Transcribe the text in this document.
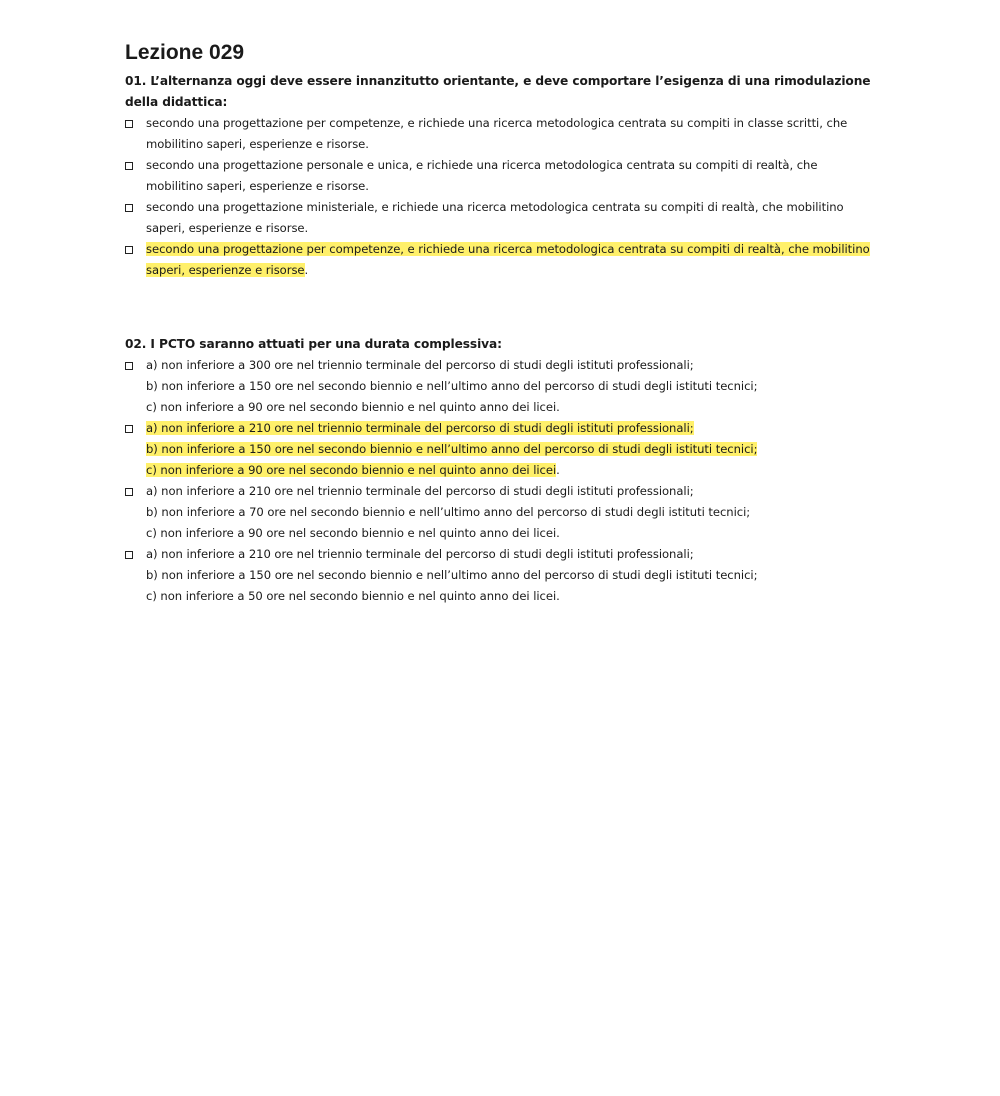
Lezione 029

01. L’alternanza oggi deve essere innanzitutto orientante, e deve comportare l’esigenza di una rimodulazione della didattica:

secondo una progettazione per competenze, e richiede una ricerca metodologica centrata su compiti in classe scritti, che mobilitino saperi, esperienze e risorse.
secondo una progettazione personale e unica, e richiede una ricerca metodologica centrata su compiti di realtà, che mobilitino saperi, esperienze e risorse.
secondo una progettazione ministeriale, e richiede una ricerca metodologica centrata su compiti di realtà, che mobilitino saperi, esperienze e risorse.
secondo una progettazione per competenze, e richiede una ricerca metodologica centrata su compiti di realtà, che mobilitino saperi, esperienze e risorse.

02. I PCTO saranno attuati per una durata complessiva:

a) non inferiore a 300 ore nel triennio terminale del percorso di studi degli istituti professionali;
b) non inferiore a 150 ore nel secondo biennio e nell’ultimo anno del percorso di studi degli istituti tecnici;
c) non inferiore a 90 ore nel secondo biennio e nel quinto anno dei licei.
a) non inferiore a 210 ore nel triennio terminale del percorso di studi degli istituti professionali;
b) non inferiore a 150 ore nel secondo biennio e nell’ultimo anno del percorso di studi degli istituti tecnici;
c) non inferiore a 90 ore nel secondo biennio e nel quinto anno dei licei.
a) non inferiore a 210 ore nel triennio terminale del percorso di studi degli istituti professionali;
b) non inferiore a 70 ore nel secondo biennio e nell’ultimo anno del percorso di studi degli istituti tecnici;
c) non inferiore a 90 ore nel secondo biennio e nel quinto anno dei licei.
a) non inferiore a 210 ore nel triennio terminale del percorso di studi degli istituti professionali;
b) non inferiore a 150 ore nel secondo biennio e nell’ultimo anno del percorso di studi degli istituti tecnici;
c) non inferiore a 50 ore nel secondo biennio e nel quinto anno dei licei.
